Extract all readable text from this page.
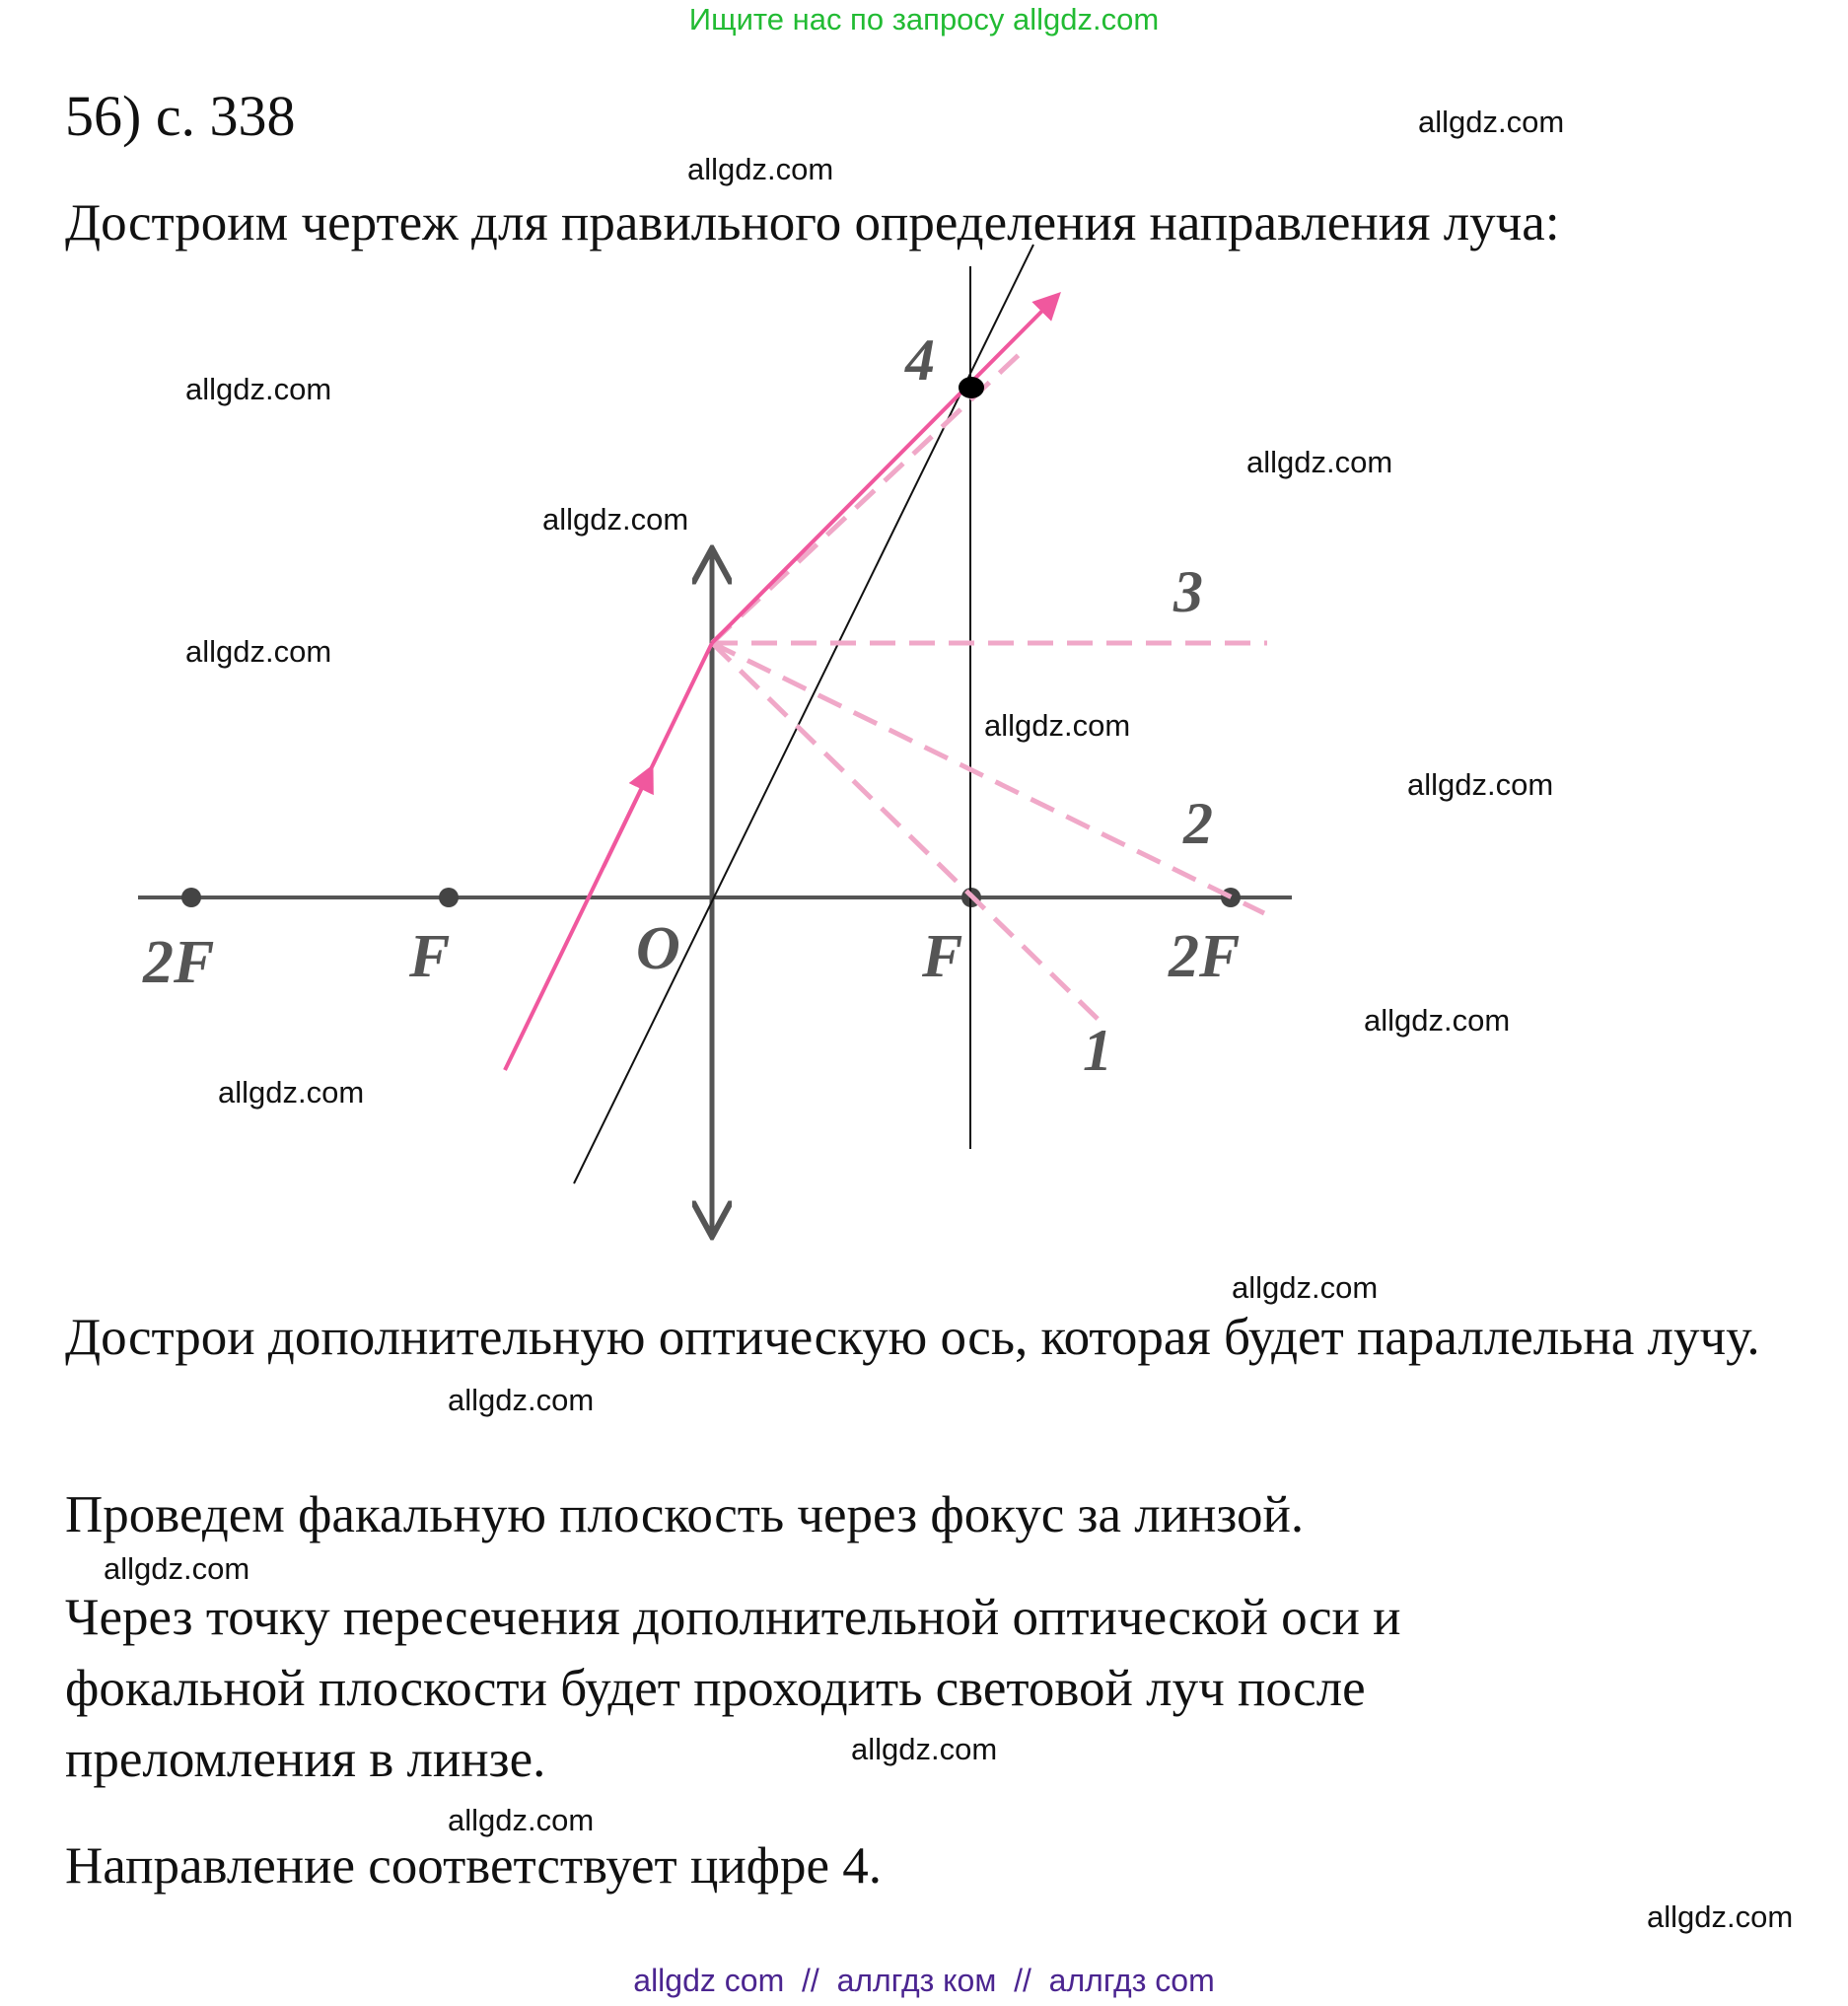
Ищите нас по запросу allgdz.com
56) с. 338

Достроим чертеж для правильного определения направления луча:

2F	F	O	F	2F
1
2
3
4

Дострои дополнительную оптическую ось, которая будет параллельна лучу.

Проведем факальную плоскость через фокус за линзой.

Через точку пересечения дополнительной оптической оси и фокальной плоскости будет проходить световой луч после преломления в линзе.

Направление соответствует цифре 4.

allgdz.com
allgdz.com
allgdz.com
allgdz.com
allgdz.com
allgdz.com
allgdz.com
allgdz.com
allgdz.com
allgdz.com
allgdz.com
allgdz.com
allgdz.com
allgdz.com
allgdz.com
allgdz.com
allgdz com  //  аллгдз ком  //  аллгдз com
